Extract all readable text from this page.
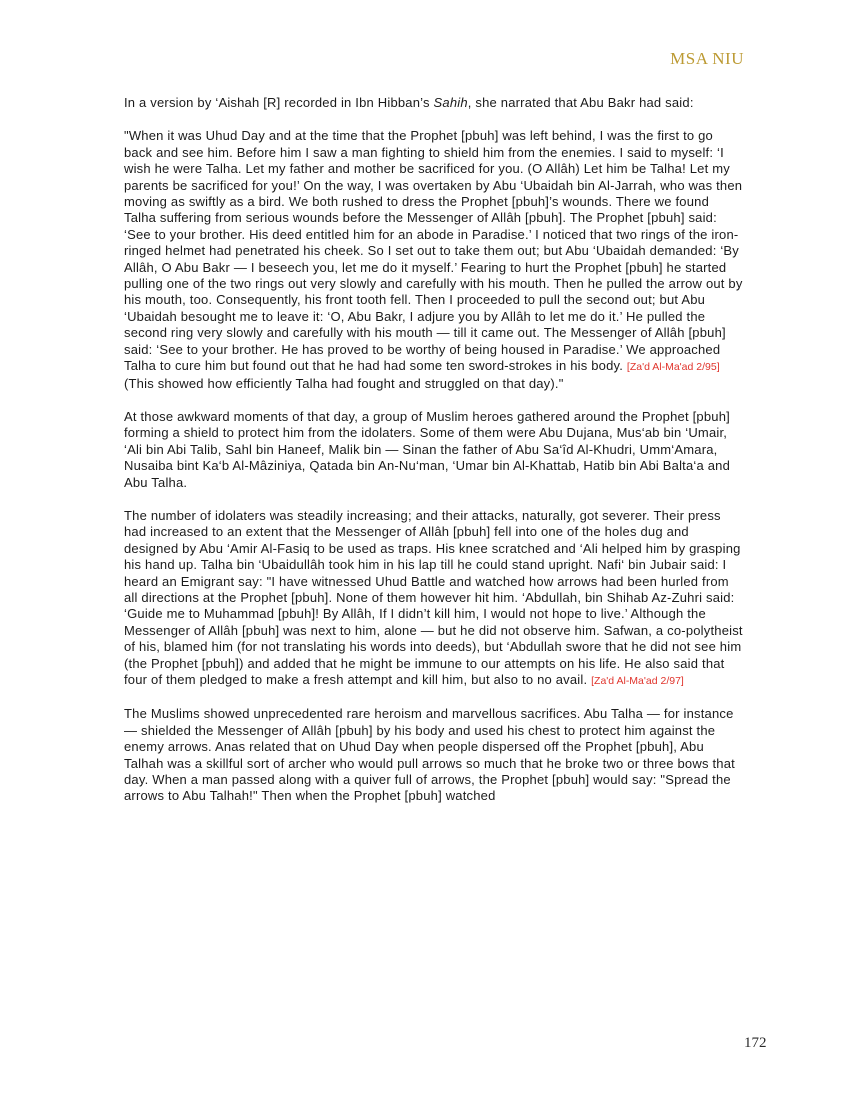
MSA NIU

In a version by ‘Aishah [R] recorded in Ibn Hibban’s Sahih, she narrated that Abu Bakr had said:

"When it was Uhud Day and at the time that the Prophet [pbuh] was left behind, I was the first to go back and see him. Before him I saw a man fighting to shield him from the enemies. I said to myself: ‘I wish he were Talha. Let my father and mother be sacrificed for you. (O Allâh) Let him be Talha! Let my parents be sacrificed for you!’ On the way, I was overtaken by Abu ‘Ubaidah bin Al-Jarrah, who was then moving as swiftly as a bird. We both rushed to dress the Prophet [pbuh]’s wounds. There we found Talha suffering from serious wounds before the Messenger of Allâh [pbuh]. The Prophet [pbuh] said: ‘See to your brother. His deed entitled him for an abode in Paradise.’ I noticed that two rings of the iron-ringed helmet had penetrated his cheek. So I set out to take them out; but Abu ‘Ubaidah demanded: ‘By Allâh, O Abu Bakr — I beseech you, let me do it myself.’ Fearing to hurt the Prophet [pbuh] he started pulling one of the two rings out very slowly and carefully with his mouth. Then he pulled the arrow out by his mouth, too. Consequently, his front tooth fell. Then I proceeded to pull the second out; but Abu ‘Ubaidah besought me to leave it: ‘O, Abu Bakr, I adjure you by Allâh to let me do it.’ He pulled the second ring very slowly and carefully with his mouth — till it came out. The Messenger of Allâh [pbuh] said: ‘See to your brother. He has proved to be worthy of being housed in Paradise.’ We approached Talha to cure him but found out that he had had some ten sword-strokes in his body. [Za'd Al-Ma'ad 2/95] (This showed how efficiently Talha had fought and struggled on that day)."

At those awkward moments of that day, a group of Muslim heroes gathered around the Prophet [pbuh] forming a shield to protect him from the idolaters. Some of them were Abu Dujana, Mus‘ab bin ‘Umair, ‘Ali bin Abi Talib, Sahl bin Haneef, Malik bin — Sinan the father of Abu Sa‘îd Al-Khudri, Umm‘Amara, Nusaiba bint Ka‘b Al-Mâziniya, Qatada bin An-Nu‘man, ‘Umar bin Al-Khattab, Hatib bin Abi Balta‘a and Abu Talha.

The number of idolaters was steadily increasing; and their attacks, naturally, got severer. Their press had increased to an extent that the Messenger of Allâh [pbuh] fell into one of the holes dug and designed by Abu ‘Amir Al-Fasiq to be used as traps. His knee scratched and ‘Ali helped him by grasping his hand up. Talha bin ‘Ubaidullâh took him in his lap till he could stand upright. Nafi‘ bin Jubair said: I heard an Emigrant say: "I have witnessed Uhud Battle and watched how arrows had been hurled from all directions at the Prophet [pbuh]. None of them however hit him. ‘Abdullah, bin Shihab Az-Zuhri said: ‘Guide me to Muhammad [pbuh]! By Allâh, If I didn’t kill him, I would not hope to live.’ Although the Messenger of Allâh [pbuh] was next to him, alone — but he did not observe him. Safwan, a co-polytheist of his, blamed him (for not translating his words into deeds), but ‘Abdullah swore that he did not see him (the Prophet [pbuh]) and added that he might be immune to our attempts on his life. He also said that four of them pledged to make a fresh attempt and kill him, but also to no avail. [Za'd Al-Ma'ad 2/97]

The Muslims showed unprecedented rare heroism and marvellous sacrifices. Abu Talha — for instance — shielded the Messenger of Allâh [pbuh] by his body and used his chest to protect him against the enemy arrows. Anas related that on Uhud Day when people dispersed off the Prophet [pbuh], Abu Talhah was a skillful sort of archer who would pull arrows so much that he broke two or three bows that day. When a man passed along with a quiver full of arrows, the Prophet [pbuh] would say: "Spread the arrows to Abu Talhah!" Then when the Prophet [pbuh] watched

172
